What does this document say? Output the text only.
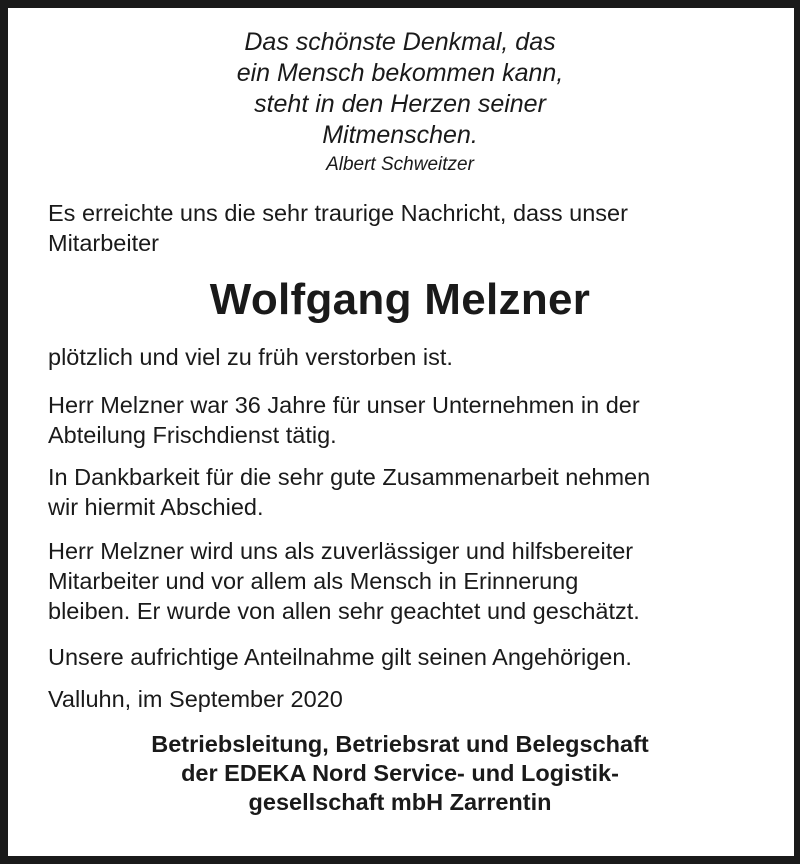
Das schönste Denkmal, das
ein Mensch bekommen kann,
steht in den Herzen seiner
Mitmenschen.
Albert Schweitzer
Es erreichte uns die sehr traurige Nachricht, dass unser
Mitarbeiter
Wolfgang Melzner
plötzlich und viel zu früh verstorben ist.
Herr Melzner war 36 Jahre für unser Unternehmen in der
Abteilung Frischdienst tätig.
In Dankbarkeit für die sehr gute Zusammenarbeit nehmen
wir hiermit Abschied.
Herr Melzner wird uns als zuverlässiger und hilfsbereiter
Mitarbeiter und vor allem als Mensch in Erinnerung
bleiben. Er wurde von allen sehr geachtet und geschätzt.
Unsere aufrichtige Anteilnahme gilt seinen Angehörigen.
Valluhn, im September 2020
Betriebsleitung, Betriebsrat und Belegschaft
der EDEKA Nord Service- und Logistik-
gesellschaft mbH Zarrentin
